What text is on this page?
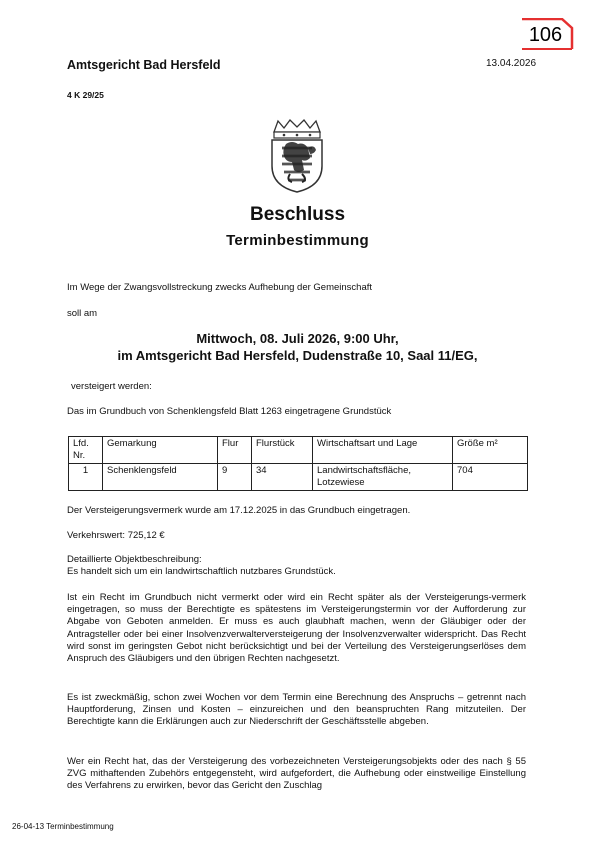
106
Amtsgericht Bad Hersfeld	13.04.2026
4 K 29/25
Beschluss
Terminbestimmung
Im Wege der Zwangsvollstreckung zwecks Aufhebung der Gemeinschaft
soll am
Mittwoch, 08. Juli 2026, 9:00 Uhr,
im Amtsgericht Bad Hersfeld, Dudenstraße 10, Saal 11/EG,
versteigert werden:
Das im Grundbuch von Schenklengsfeld Blatt 1263 eingetragene Grundstück
Lfd. Nr.	Gemarkung	Flur	Flurstück	Wirtschaftsart und Lage	Größe m²
1	Schenklengsfeld	9	34	Landwirtschaftsfläche, Lotzewiese	704
Der Versteigerungsvermerk wurde am 17.12.2025 in das Grundbuch eingetragen.
Verkehrswert: 725,12 €
Detaillierte Objektbeschreibung:
Es handelt sich um ein landwirtschaftlich nutzbares Grundstück.
Ist ein Recht im Grundbuch nicht vermerkt oder wird ein Recht später als der Versteigerungs-vermerk eingetragen, so muss der Berechtigte es spätestens im Versteigerungstermin vor der Aufforderung zur Abgabe von Geboten anmelden. Er muss es auch glaubhaft machen, wenn der Gläubiger oder der Antragsteller oder bei einer Insolvenzverwalterversteigerung der Insolvenzverwalter widerspricht. Das Recht wird sonst im geringsten Gebot nicht berücksichtigt und bei der Verteilung des Versteigerungserlöses dem Anspruch des Gläubigers und den übrigen Rechten nachgesetzt.
Es ist zweckmäßig, schon zwei Wochen vor dem Termin eine Berechnung des Anspruchs – getrennt nach Hauptforderung, Zinsen und Kosten – einzureichen und den beanspruchten Rang mitzuteilen. Der Berechtigte kann die Erklärungen auch zur Niederschrift der Geschäftsstelle abgeben.
Wer ein Recht hat, das der Versteigerung des vorbezeichneten Versteigerungsobjekts oder des nach § 55 ZVG mithaftenden Zubehörs entgegensteht, wird aufgefordert, die Aufhebung oder einstweilige Einstellung des Verfahrens zu erwirken, bevor das Gericht den Zuschlag
26-04-13 Terminbestimmung
